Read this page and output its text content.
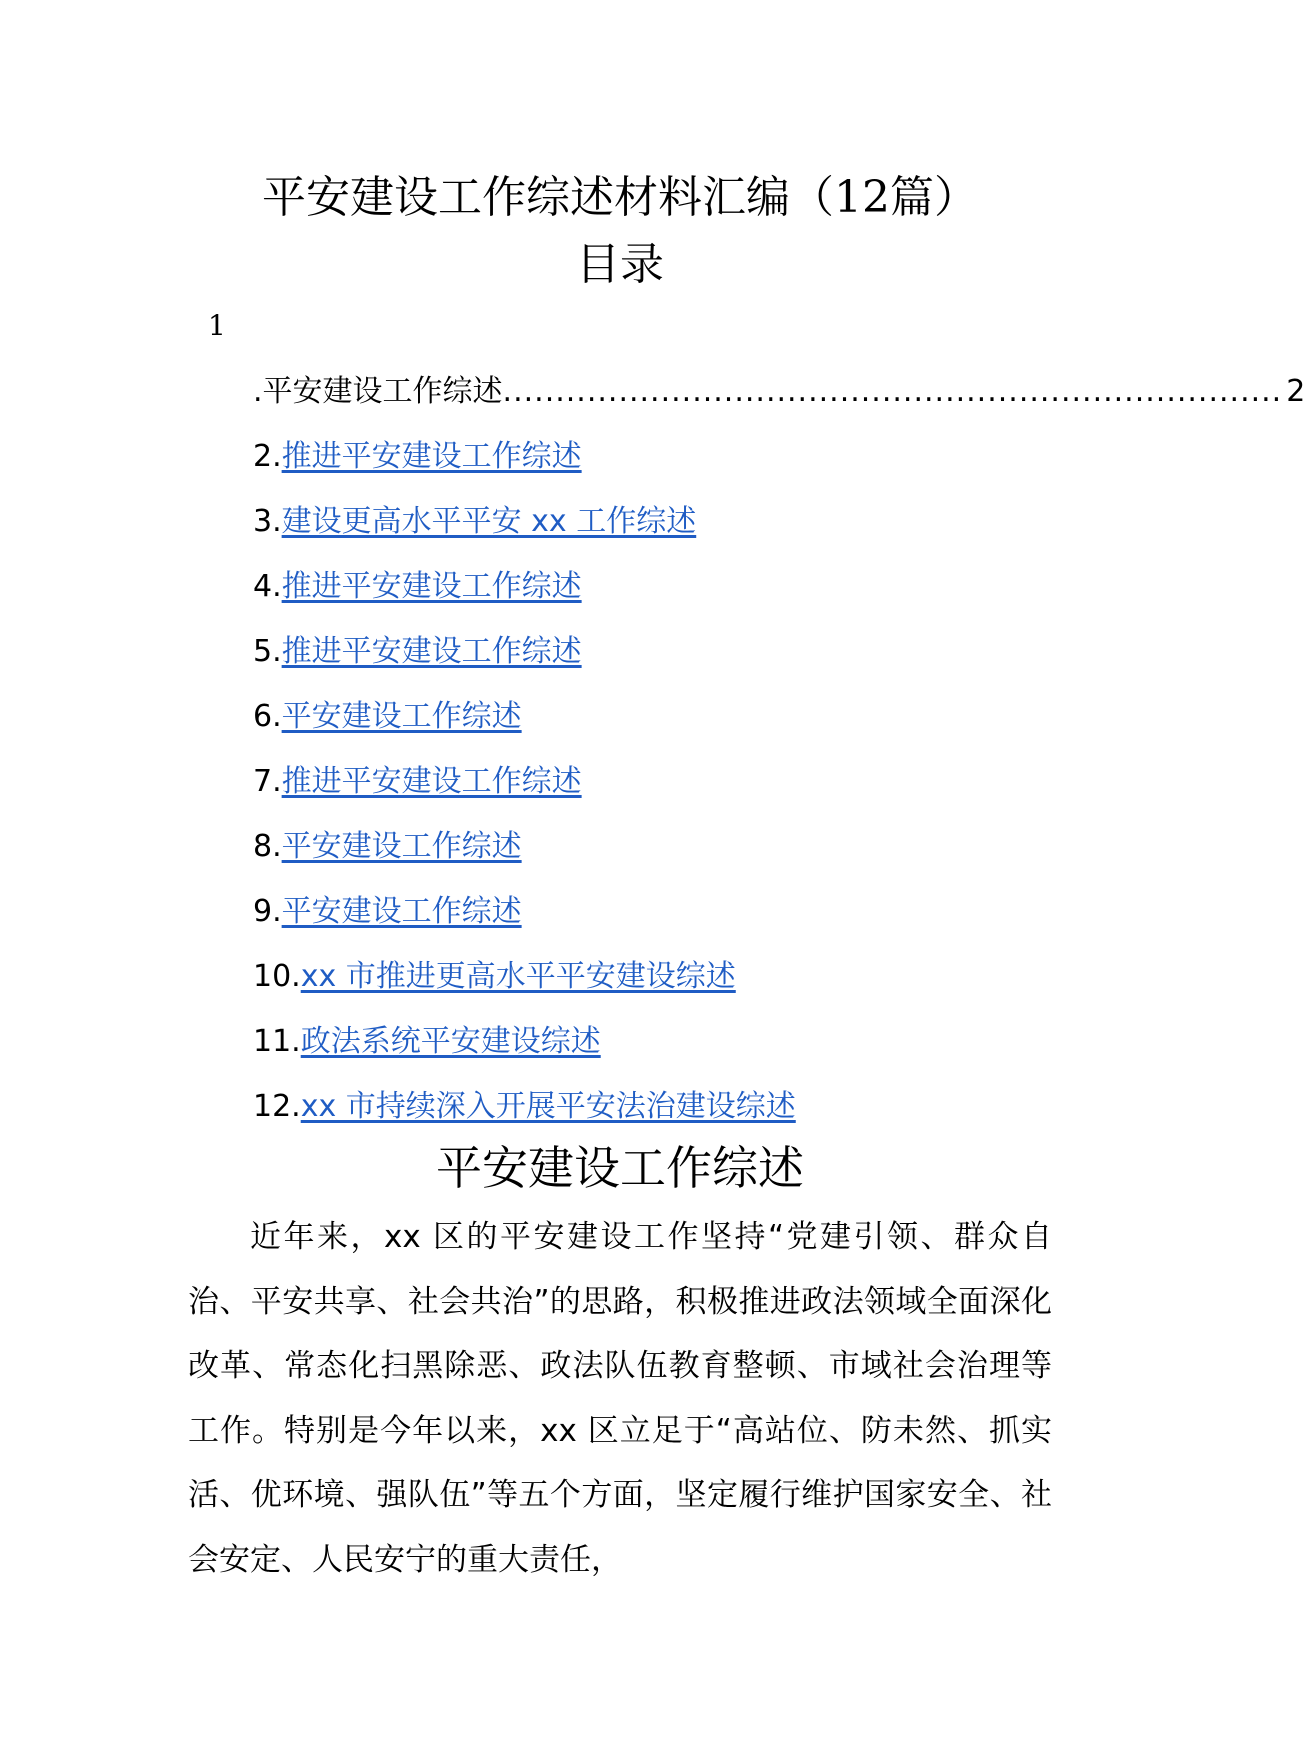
平安建设工作综述材料汇编（12篇）
目录
1
.平安建设工作综述 .......................................................................... 2
2.推进平安建设工作综述
3.建设更高水平平安 xx 工作综述
4.推进平安建设工作综述
5.推进平安建设工作综述
6.平安建设工作综述
7.推进平安建设工作综述
8.平安建设工作综述
9.平安建设工作综述
10.xx 市推进更高水平平安建设综述
11.政法系统平安建设综述
12.xx 市持续深入开展平安法治建设综述
平安建设工作综述

近年来，xx 区的平安建设工作坚持“党建引领、群众自治、平安共享、社会共治”的思路，积极推进政法领域全面深化改革、常态化扫黑除恶、政法队伍教育整顿、市域社会治理等工作。特别是今年以来，xx 区立足于“高站位、防未然、抓实活、优环境、强队伍”等五个方面，坚定履行维护国家安全、社会安定、人民安宁的重大责任，
